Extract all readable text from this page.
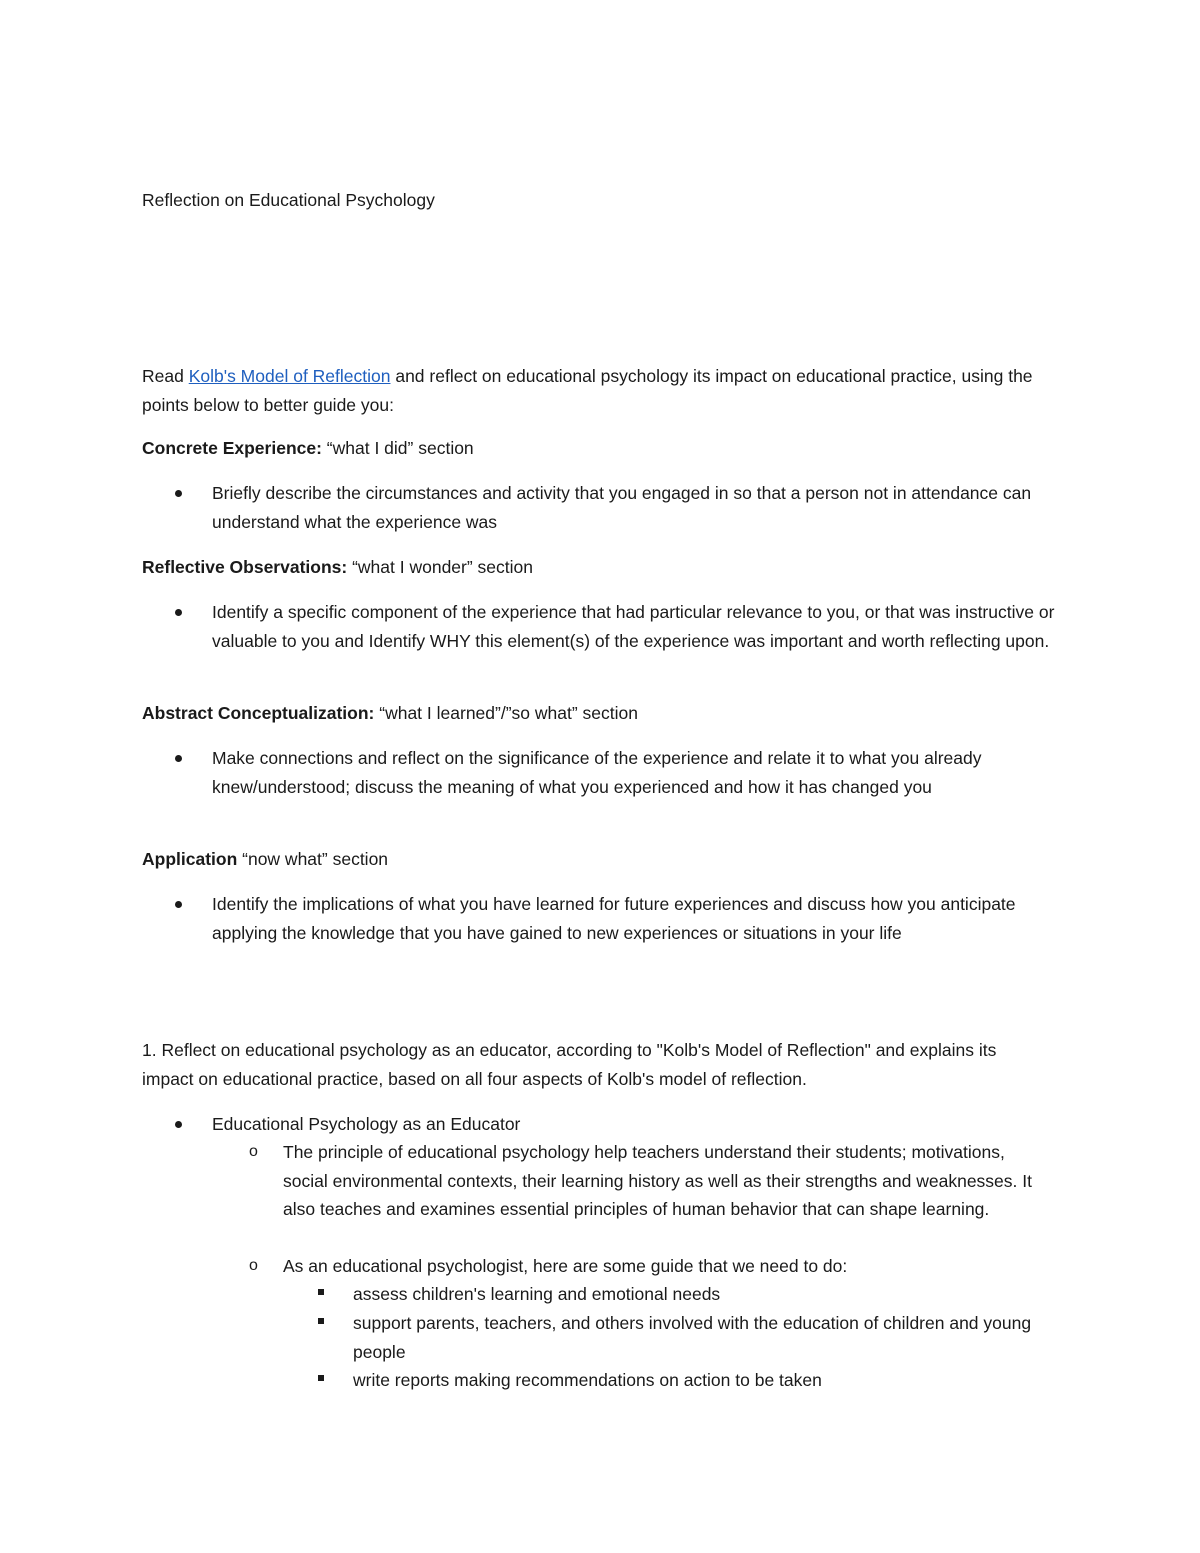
Reflection on Educational Psychology
Read Kolb's Model of Reflection and reflect on educational psychology its impact on educational practice, using the points below to better guide you:
Concrete Experience: “what I did” section
Briefly describe the circumstances and activity that you engaged in so that a person not in attendance can understand what the experience was
Reflective Observations: “what I wonder” section
Identify a specific component of the experience that had particular relevance to you, or that was instructive or valuable to you and Identify WHY this element(s) of the experience was important and worth reflecting upon.
Abstract Conceptualization: “what I learned”/”so what” section
Make connections and reflect on the significance of the experience and relate it to what you already knew/understood; discuss the meaning of what you experienced and how it has changed you
Application “now what” section
Identify the implications of what you have learned for future experiences and discuss how you anticipate applying the knowledge that you have gained to new experiences or situations in your life
1. Reflect on educational psychology as an educator, according to "Kolb's Model of Reflection" and explains its impact on educational practice, based on all four aspects of Kolb's model of reflection.
Educational Psychology as an Educator
o The principle of educational psychology help teachers understand their students; motivations, social environmental contexts, their learning history as well as their strengths and weaknesses. It also teaches and examines essential principles of human behavior that can shape learning.
o As an educational psychologist, here are some guide that we need to do:
assess children's learning and emotional needs
support parents, teachers, and others involved with the education of children and young people
write reports making recommendations on action to be taken
